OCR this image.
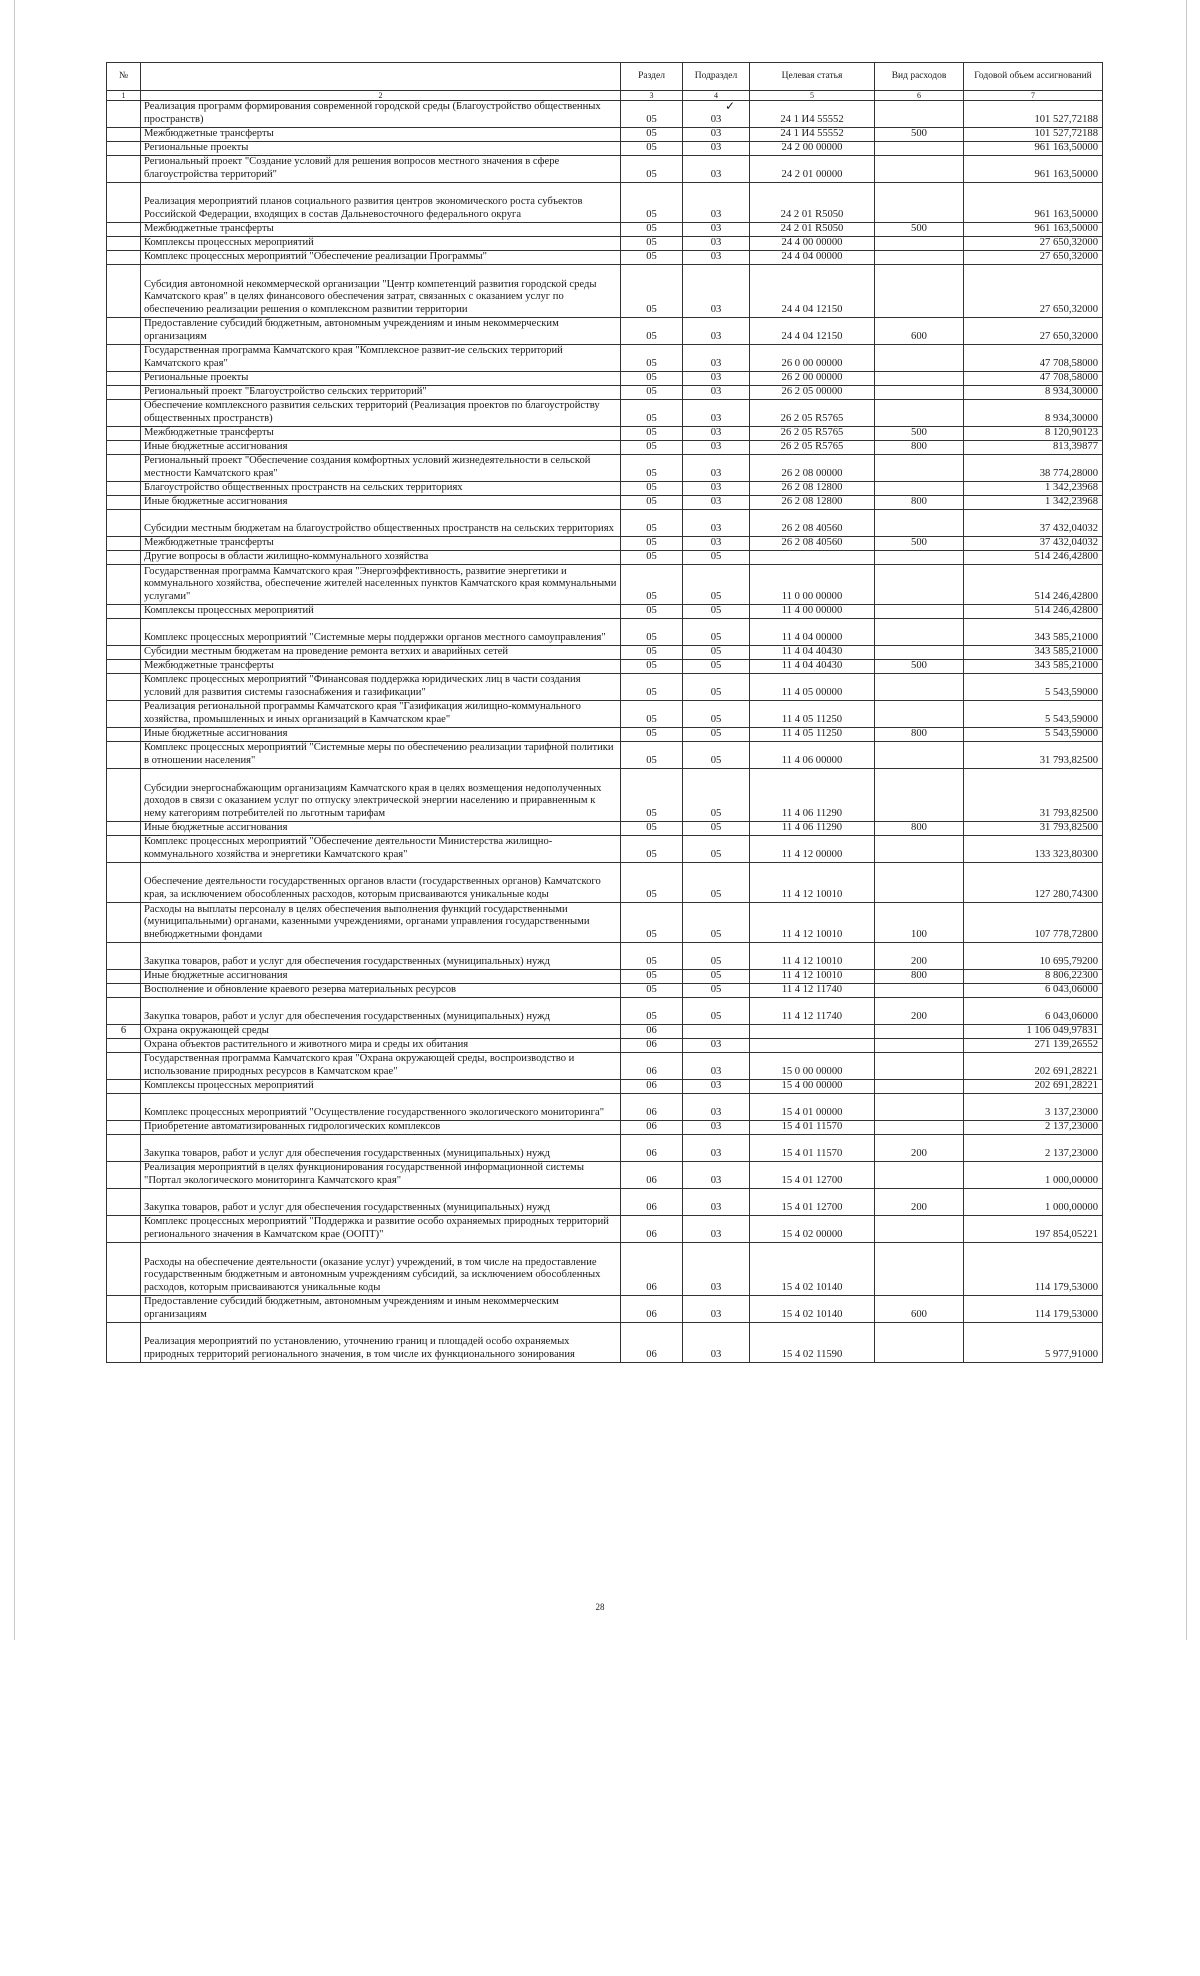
✓
№		Раздел	Подраздел	Целевая статья	Вид расходов	Годовой объем ассигнований
1	2	3	4	5	6	7
	Реализация программ формирования современной городской среды (Благоустройство общественных пространств)	05	03	24 1 И4 55552		101 527,72188
	Межбюджетные трансферты	05	03	24 1 И4 55552	500	101 527,72188
	Региональные проекты	05	03	24 2 00 00000		961 163,50000
	Региональный проект "Создание условий для решения вопросов местного значения в сфере благоустройства территорий"	05	03	24 2 01 00000		961 163,50000
	Реализация мероприятий планов социального развития центров экономического роста субъектов Российской Федерации, входящих в состав Дальневосточного федерального округа	05	03	24 2 01 R5050		961 163,50000
	Межбюджетные трансферты	05	03	24 2 01 R5050	500	961 163,50000
	Комплексы процессных мероприятий	05	03	24 4 00 00000		27 650,32000
	Комплекс процессных мероприятий "Обеспечение реализации Программы"	05	03	24 4 04 00000		27 650,32000
	Субсидия автономной некоммерческой организации "Центр компетенций развития городской среды Камчатского края" в целях финансового обеспечения затрат, связанных с оказанием услуг по обеспечению реализации решения о комплексном развитии территории	05	03	24 4 04 12150		27 650,32000
	Предоставление субсидий бюджетным, автономным учреждениям и иным некоммерческим организациям	05	03	24 4 04 12150	600	27 650,32000
	Государственная программа Камчатского края "Комплексное развит-ие сельских территорий Камчатского края"	05	03	26 0 00 00000		47 708,58000
	Региональные проекты	05	03	26 2 00 00000		47 708,58000
	Региональный проект "Благоустройство сельских территорий"	05	03	26 2 05 00000		8 934,30000
	Обеспечение комплексного развития сельских территорий (Реализация проектов по благоустройству общественных пространств)	05	03	26 2 05 R5765		8 934,30000
	Межбюджетные трансферты	05	03	26 2 05 R5765	500	8 120,90123
	Иные бюджетные ассигнования	05	03	26 2 05 R5765	800	813,39877
	Региональный проект "Обеспечение создания комфортных условий жизнедеятельности в сельской местности Камчатского края"	05	03	26 2 08 00000		38 774,28000
	Благоустройство общественных пространств на сельских территориях	05	03	26 2 08 12800		1 342,23968
	Иные бюджетные ассигнования	05	03	26 2 08 12800	800	1 342,23968
	Субсидии местным бюджетам на благоустройство общественных пространств на сельских территориях	05	03	26 2 08 40560		37 432,04032
	Межбюджетные трансферты	05	03	26 2 08 40560	500	37 432,04032
	Другие вопросы в области жилищно-коммунального хозяйства	05	05			514 246,42800
	Государственная программа Камчатского края "Энергоэффективность, развитие энергетики и коммунального хозяйства, обеспечение жителей населенных пунктов Камчатского края коммунальными услугами"	05	05	11 0 00 00000		514 246,42800
	Комплексы процессных мероприятий	05	05	11 4 00 00000		514 246,42800
	Комплекс процессных мероприятий "Системные меры поддержки органов местного самоуправления"	05	05	11 4 04 00000		343 585,21000
	Субсидии местным бюджетам на проведение ремонта ветхих и аварийных сетей	05	05	11 4 04 40430		343 585,21000
	Межбюджетные трансферты	05	05	11 4 04 40430	500	343 585,21000
	Комплекс процессных мероприятий "Финансовая поддержка юридических лиц в части создания условий для развития системы газоснабжения и газификации"	05	05	11 4 05 00000		5 543,59000
	Реализация региональной программы Камчатского края "Газификация жилищно-коммунального хозяйства, промышленных и иных организаций в Камчатском крае"	05	05	11 4 05 11250		5 543,59000
	Иные бюджетные ассигнования	05	05	11 4 05 11250	800	5 543,59000
	Комплекс процессных мероприятий "Системные меры по обеспечению реализации тарифной политики в отношении населения"	05	05	11 4 06 00000		31 793,82500
	Субсидии энергоснабжающим организациям Камчатского края в целях возмещения недополученных доходов в связи с оказанием услуг по отпуску электрической энергии населению и приравненным к нему категориям потребителей по льготным тарифам	05	05	11 4 06 11290		31 793,82500
	Иные бюджетные ассигнования	05	05	11 4 06 11290	800	31 793,82500
	Комплекс процессных мероприятий "Обеспечение деятельности Министерства жилищно-коммунального хозяйства и энергетики Камчатского края"	05	05	11 4 12 00000		133 323,80300
	Обеспечение деятельности государственных органов власти (государственных органов) Камчатского края, за исключением обособленных расходов, которым присваиваются уникальные коды	05	05	11 4 12 10010		127 280,74300
	Расходы на выплаты персоналу в целях обеспечения выполнения функций государственными (муниципальными) органами, казенными учреждениями, органами управления государственными внебюджетными фондами	05	05	11 4 12 10010	100	107 778,72800
	Закупка товаров, работ и услуг для обеспечения государственных (муниципальных) нужд	05	05	11 4 12 10010	200	10 695,79200
	Иные бюджетные ассигнования	05	05	11 4 12 10010	800	8 806,22300
	Восполнение и обновление краевого резерва материальных ресурсов	05	05	11 4 12 11740		6 043,06000
	Закупка товаров, работ и услуг для обеспечения государственных (муниципальных) нужд	05	05	11 4 12 11740	200	6 043,06000
6	Охрана окружающей среды	06				1 106 049,97831
	Охрана объектов растительного и животного мира и среды их обитания	06	03			271 139,26552
	Государственная программа Камчатского края "Охрана окружающей среды, воспроизводство и использование природных ресурсов в Камчатском крае"	06	03	15 0 00 00000		202 691,28221
	Комплексы процессных мероприятий	06	03	15 4 00 00000		202 691,28221
	Комплекс процессных мероприятий "Осуществление государственного экологического мониторинга"	06	03	15 4 01 00000		3 137,23000
	Приобретение автоматизированных гидрологических комплексов	06	03	15 4 01 11570		2 137,23000
	Закупка товаров, работ и услуг для обеспечения государственных (муниципальных) нужд	06	03	15 4 01 11570	200	2 137,23000
	Реализация мероприятий в целях функционирования государственной информационной системы "Портал экологического мониторинга Камчатского края"	06	03	15 4 01 12700		1 000,00000
	Закупка товаров, работ и услуг для обеспечения государственных (муниципальных) нужд	06	03	15 4 01 12700	200	1 000,00000
	Комплекс процессных мероприятий "Поддержка и развитие особо охраняемых природных территорий регионального значения в Камчатском крае (ООПТ)"	06	03	15 4 02 00000		197 854,05221
	Расходы на обеспечение деятельности (оказание услуг) учреждений, в том числе на предоставление государственным бюджетным и автономным учреждениям субсидий, за исключением обособленных расходов, которым присваиваются уникальные коды	06	03	15 4 02 10140		114 179,53000
	Предоставление субсидий бюджетным, автономным учреждениям и иным некоммерческим организациям	06	03	15 4 02 10140	600	114 179,53000
	Реализация мероприятий по установлению, уточнению границ и площадей особо охраняемых природных территорий регионального значения, в том числе их функционального зонирования	06	03	15 4 02 11590		5 977,91000
28
